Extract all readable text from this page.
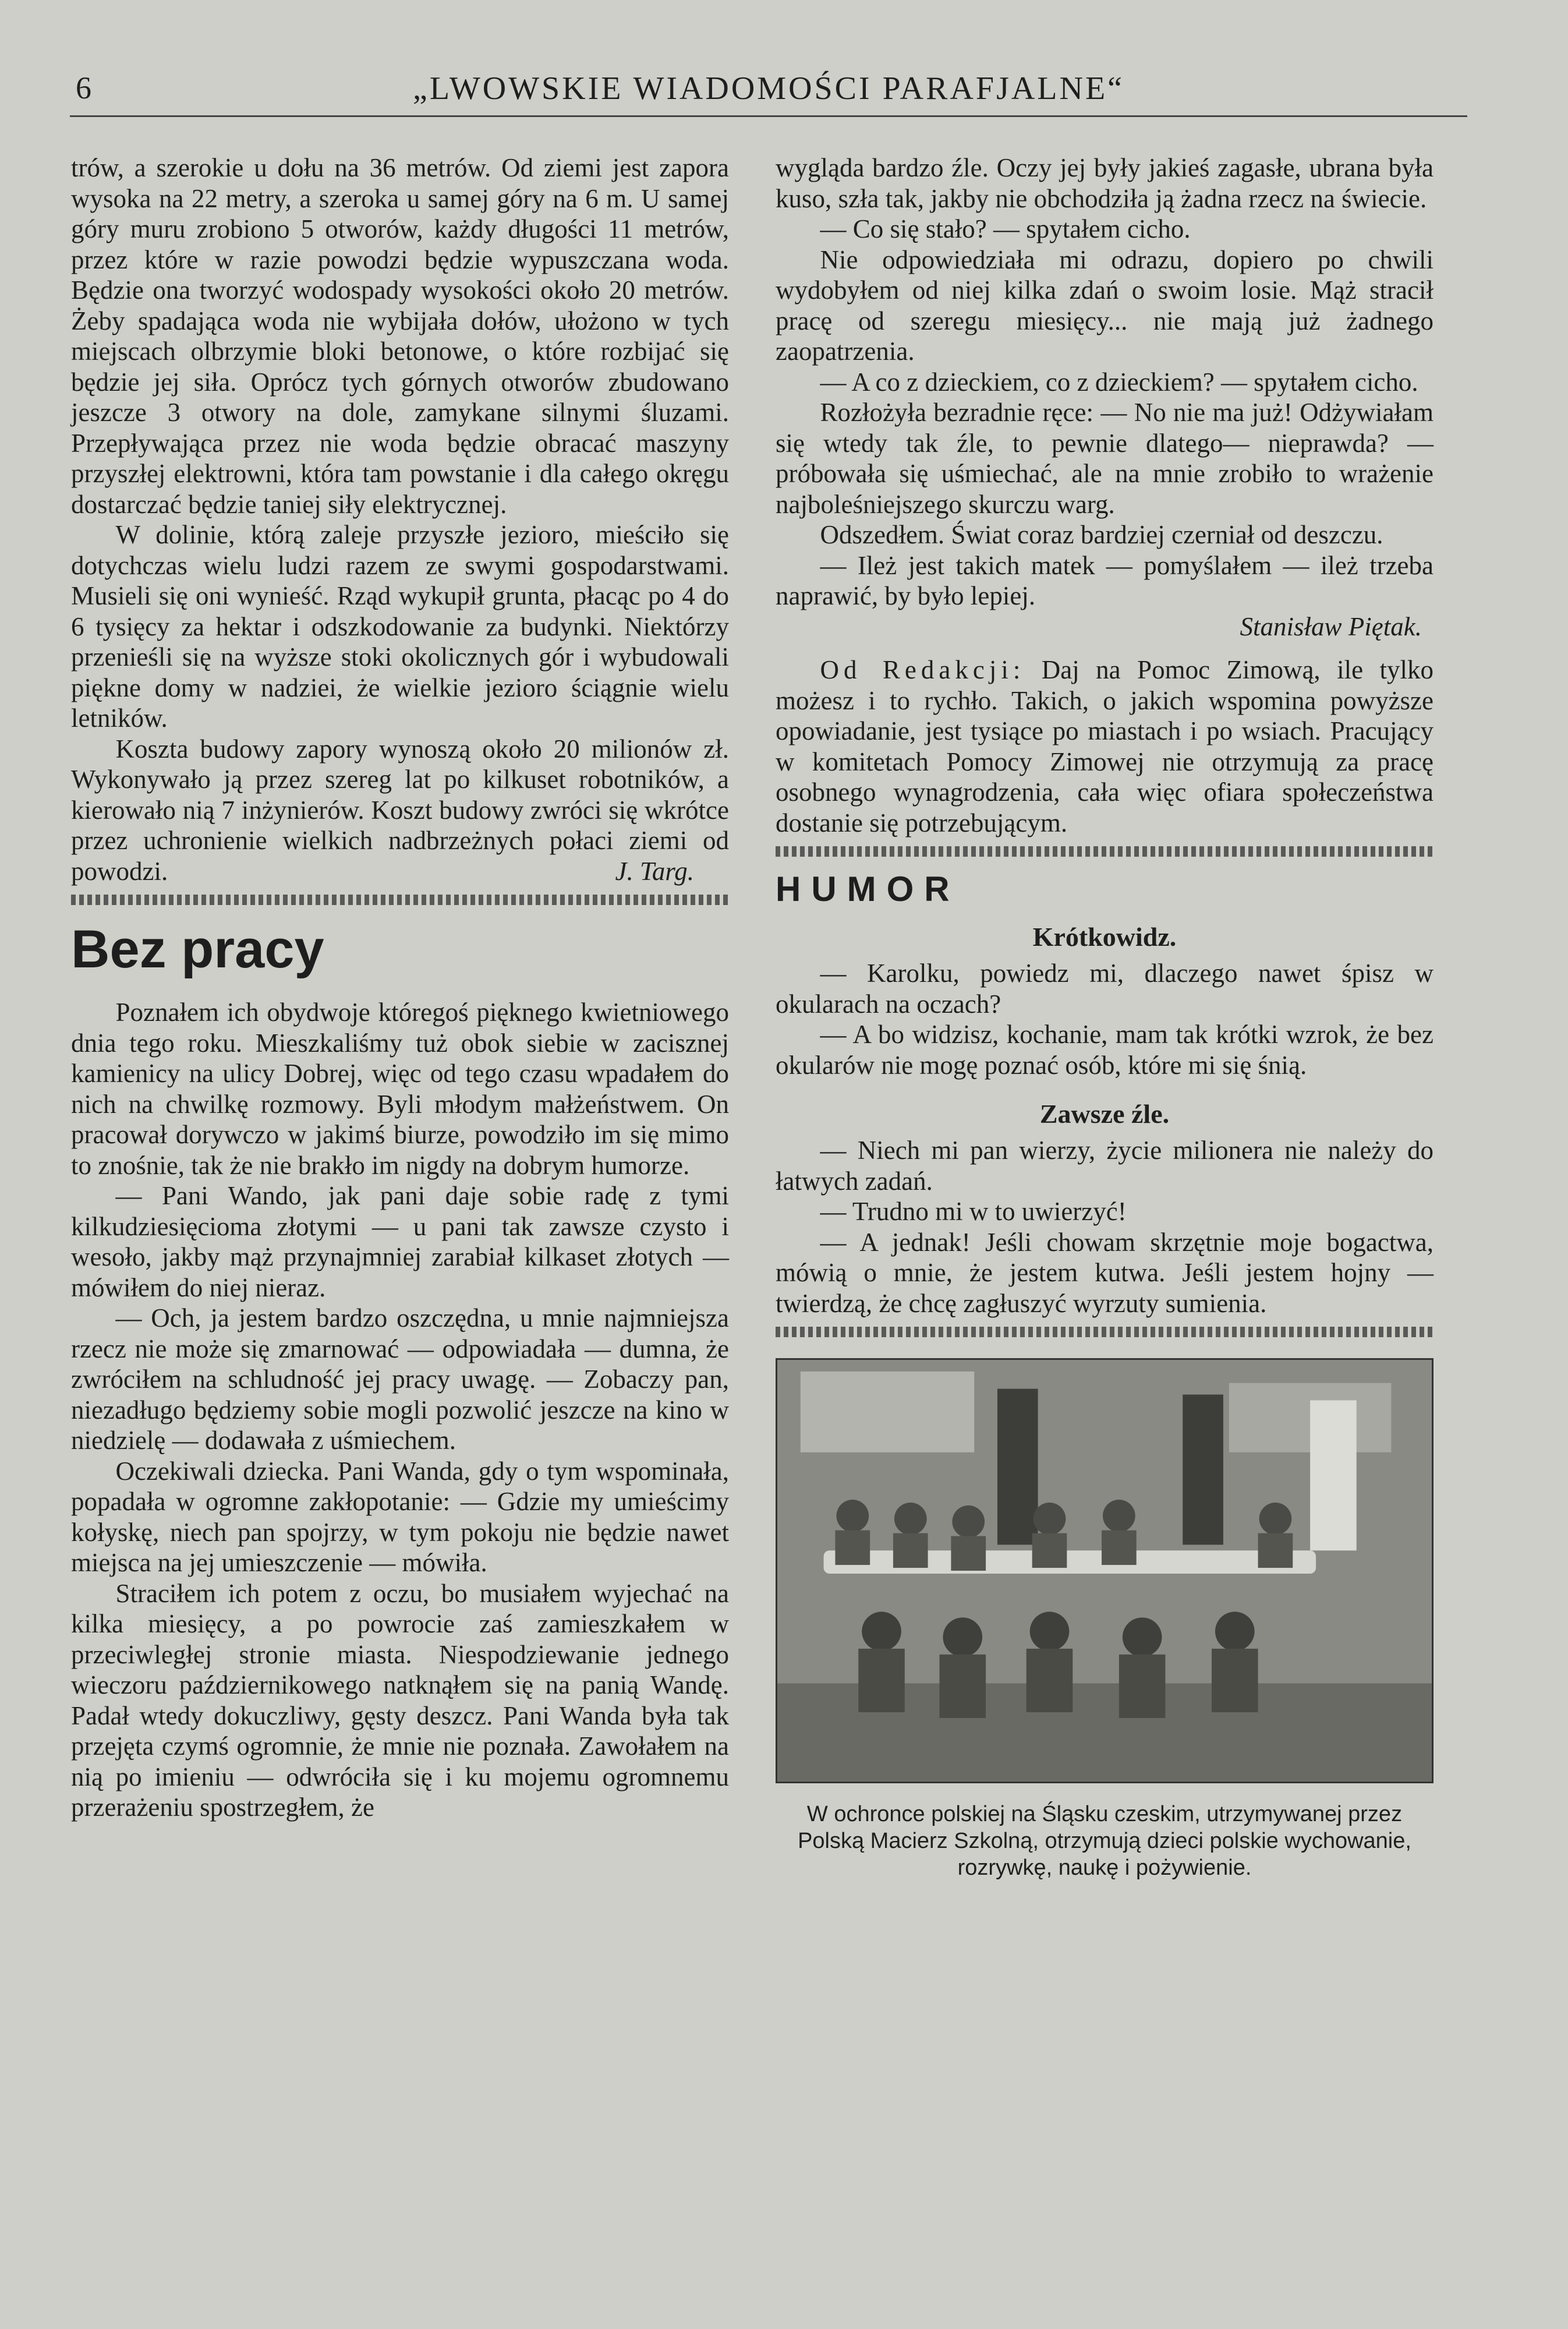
6	„LWOWSKIE WIADOMOŚCI PARAFJALNE“

trów, a szerokie u dołu na 36 metrów. Od ziemi jest zapora wysoka na 22 metry, a szeroka u samej góry na 6 m. U samej góry muru zrobiono 5 otworów, każdy długości 11 metrów, przez które w razie powodzi będzie wypuszczana woda. Będzie ona tworzyć wodospady wysokości około 20 metrów. Żeby spadająca woda nie wybijała dołów, ułożono w tych miejscach olbrzymie bloki betonowe, o które rozbijać się będzie jej siła. Oprócz tych górnych otworów zbudowano jeszcze 3 otwory na dole, zamykane silnymi śluzami. Przepływająca przez nie woda będzie obracać maszyny przyszłej elektrowni, która tam powstanie i dla całego okręgu dostarczać będzie taniej siły elektrycznej.

W dolinie, którą zaleje przyszłe jezioro, mieściło się dotychczas wielu ludzi razem ze swymi gospodarstwami. Musieli się oni wynieść. Rząd wykupił grunta, płacąc po 4 do 6 tysięcy za hektar i odszkodowanie za budynki. Niektórzy przenieśli się na wyższe stoki okolicznych gór i wybudowali piękne domy w nadziei, że wielkie jezioro ściągnie wielu letników.

Koszta budowy zapory wynoszą około 20 milionów zł. Wykonywało ją przez szereg lat po kilkuset robotników, a kierowało nią 7 inżynierów. Koszt budowy zwróci się wkrótce przez uchronienie wielkich nadbrzeżnych połaci ziemi od powodzi.	J. Targ.

Bez pracy

Poznałem ich obydwoje któregoś pięknego kwietniowego dnia tego roku. Mieszkaliśmy tuż obok siebie w zacisznej kamienicy na ulicy Dobrej, więc od tego czasu wpadałem do nich na chwilkę rozmowy. Byli młodym małżeństwem. On pracował dorywczo w jakimś biurze, powodziło im się mimo to znośnie, tak że nie brakło im nigdy na dobrym humorze.

— Pani Wando, jak pani daje sobie radę z tymi kilkudziesięcioma złotymi — u pani tak zawsze czysto i wesoło, jakby mąż przynajmniej zarabiał kilkaset złotych — mówiłem do niej nieraz.

— Och, ja jestem bardzo oszczędna, u mnie najmniejsza rzecz nie może się zmarnować — odpowiadała — dumna, że zwróciłem na schludność jej pracy uwagę. — Zobaczy pan, niezadługo będziemy sobie mogli pozwolić jeszcze na kino w niedzielę — dodawała z uśmiechem.

Oczekiwali dziecka. Pani Wanda, gdy o tym wspominała, popadała w ogromne zakłopotanie: — Gdzie my umieścimy kołyskę, niech pan spojrzy, w tym pokoju nie będzie nawet miejsca na jej umieszczenie — mówiła.

Straciłem ich potem z oczu, bo musiałem wyjechać na kilka miesięcy, a po powrocie zaś zamieszkałem w przeciwległej stronie miasta. Niespodziewanie jednego wieczoru październikowego natknąłem się na panią Wandę. Padał wtedy dokuczliwy, gęsty deszcz. Pani Wanda była tak przejęta czymś ogromnie, że mnie nie poznała. Zawołałem na nią po imieniu — odwróciła się i ku mojemu ogromnemu przerażeniu spostrzegłem, że

wygląda bardzo źle. Oczy jej były jakieś zagasłe, ubrana była kuso, szła tak, jakby nie obchodziła ją żadna rzecz na świecie.

— Co się stało? — spytałem cicho.

Nie odpowiedziała mi odrazu, dopiero po chwili wydobyłem od niej kilka zdań o swoim losie. Mąż stracił pracę od szeregu miesięcy... nie mają już żadnego zaopatrzenia.

— A co z dzieckiem, co z dzieckiem? — spytałem cicho.

Rozłożyła bezradnie ręce: — No nie ma już! Odżywiałam się wtedy tak źle, to pewnie dlatego— nieprawda? — próbowała się uśmiechać, ale na mnie zrobiło to wrażenie najboleśniejszego skurczu warg.

Odszedłem. Świat coraz bardziej czerniał od deszczu.

— Ileż jest takich matek — pomyślałem — ileż trzeba naprawić, by było lepiej.

Stanisław Piętak.

Od Redakcji: Daj na Pomoc Zimową, ile tylko możesz i to rychło. Takich, o jakich wspomina powyższe opowiadanie, jest tysiące po miastach i po wsiach. Pracujący w komitetach Pomocy Zimowej nie otrzymują za pracę osobnego wynagrodzenia, cała więc ofiara społeczeństwa dostanie się potrzebującym.

HUMOR
Krótkowidz.

— Karolku, powiedz mi, dlaczego nawet śpisz w okularach na oczach?

— A bo widzisz, kochanie, mam tak krótki wzrok, że bez okularów nie mogę poznać osób, które mi się śnią.

Zawsze źle.

— Niech mi pan wierzy, życie milionera nie należy do łatwych zadań.

— Trudno mi w to uwierzyć!

— A jednak! Jeśli chowam skrzętnie moje bogactwa, mówią o mnie, że jestem kutwa. Jeśli jestem hojny — twierdzą, że chcę zagłuszyć wyrzuty sumienia.

W ochronce polskiej na Śląsku czeskim, utrzymywanej przez Polską Macierz Szkolną, otrzymują dzieci polskie wychowanie, rozrywkę, naukę i pożywienie.
